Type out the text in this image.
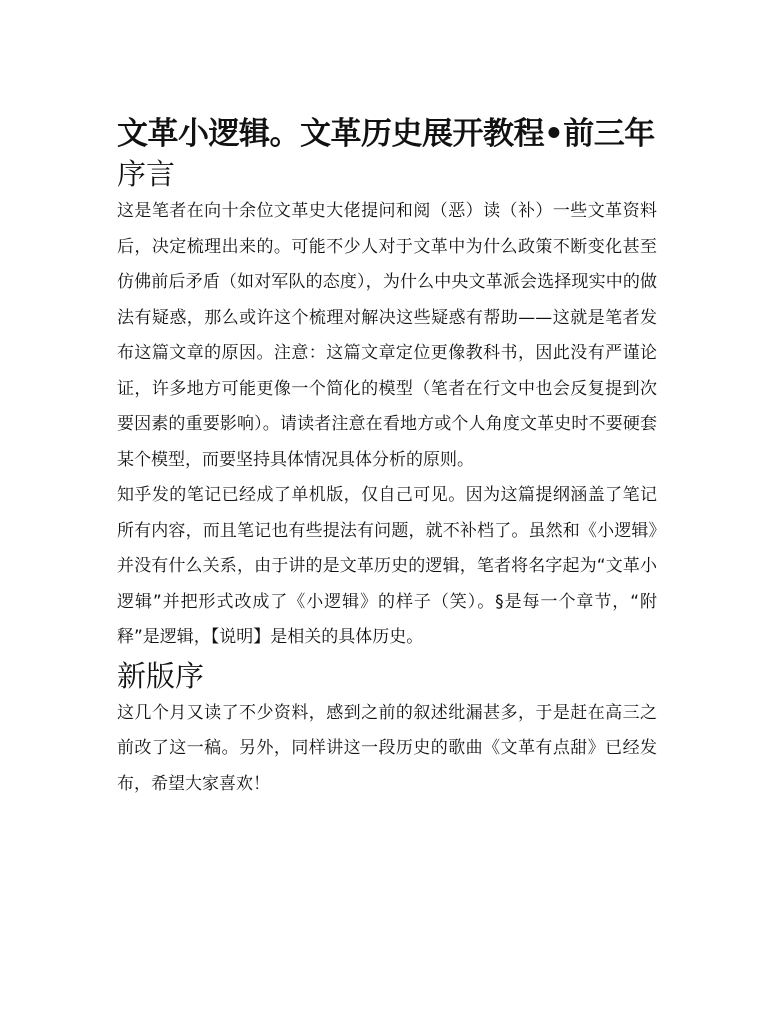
文革小逻辑。文革历史展开教程•前三年
序言

这是笔者在向十余位文革史大佬提问和阅（恶）读（补）一些文革资料后，决定梳理出来的。可能不少人对于文革中为什么政策不断变化甚至仿佛前后矛盾（如对军队的态度），为什么中央文革派会选择现实中的做法有疑惑，那么或许这个梳理对解决这些疑惑有帮助——这就是笔者发布这篇文章的原因。注意：这篇文章定位更像教科书，因此没有严谨论证，许多地方可能更像一个简化的模型（笔者在行文中也会反复提到次要因素的重要影响）。请读者注意在看地方或个人角度文革史时不要硬套某个模型，而要坚持具体情况具体分析的原则。

知乎发的笔记已经成了单机版，仅自己可见。因为这篇提纲涵盖了笔记所有内容，而且笔记也有些提法有问题，就不补档了。虽然和《小逻辑》并没有什么关系，由于讲的是文革历史的逻辑，笔者将名字起为“文革小逻辑”并把形式改成了《小逻辑》的样子（笑）。§是每一个章节，“附释”是逻辑，【说明】是相关的具体历史。

新版序

这几个月又读了不少资料，感到之前的叙述纰漏甚多，于是赶在高三之前改了这一稿。另外，同样讲这一段历史的歌曲《文革有点甜》已经发布，希望大家喜欢！
